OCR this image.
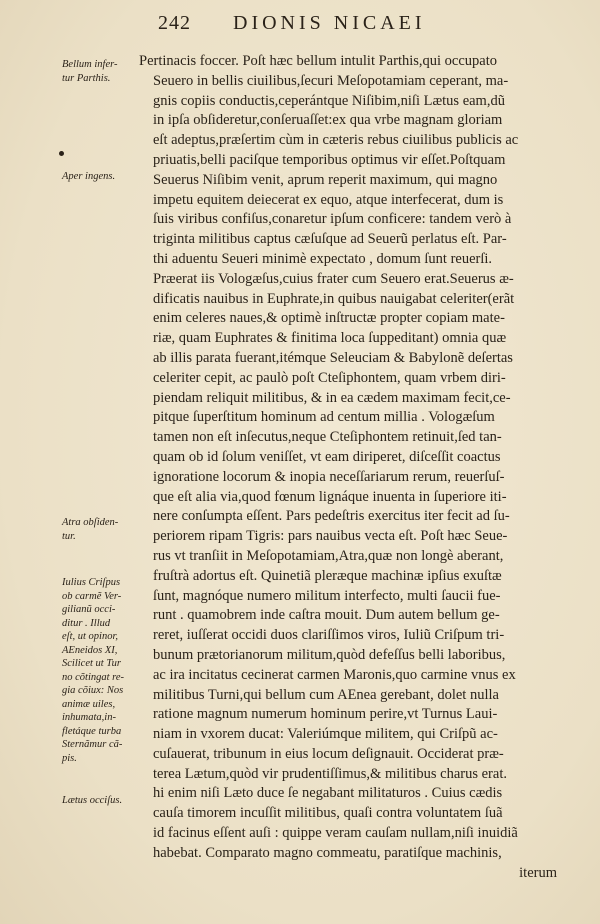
242 DIONIS NICAEI
Bellum infer-
tur Parthis.
Aper ingens.
Atra obſiden-
tur.
Iulius Criſpus
ob carmẽ Ver-
gilianũ occi-
ditur . Illud
eſt, ut opinor,
AEneidos XI,
Scilicet ut Tur
no cõtingat re-
gia cõiux: Nos
animæ uiles,
inhumata,in-
fletáque turba
Sternãmur cã-
pis.
Lætus occiſus.
Pertinacis foccer. Poſt hæc bellum intulit Parthis,qui occupato
Seuero in bellis ciuilibus,ſecuri Meſopotamiam ceperant, ma-
gnis copiis conductis,ceperántque Niſibim,niſi Lætus eam,dũ
in ipſa obſideretur,conſeruaſſet:ex qua vrbe magnam gloriam
eſt adeptus,præſertim cùm in cæteris rebus ciuilibus publicis ac
priuatis,belli paciſque temporibus optimus vir eſſet.Poſtquam
Seuerus Niſibim venit, aprum reperit maximum, qui magno
impetu equitem deiecerat ex equo, atque interfecerat, dum is
ſuis viribus confiſus,conaretur ipſum conficere: tandem verò à
triginta militibus captus cæſuſque ad Seuerũ perlatus eſt. Par-
thi aduentu Seueri minimè expectato , domum ſunt reuerſi.
Præerat iis Vologæſus,cuius frater cum Seuero erat.Seuerus æ-
dificatis nauibus in Euphrate,in quibus nauigabat celeriter(erãt
enim celeres naues,& optimè inſtructæ propter copiam mate-
riæ, quam Euphrates & finitima loca ſuppeditant) omnia quæ
ab illis parata fuerant,itémque Seleuciam & Babylonẽ deſertas
celeriter cepit, ac paulò poſt Cteſiphontem, quam vrbem diri-
piendam reliquit militibus, & in ea cædem maximam fecit,ce-
pitque ſuperſtitum hominum ad centum millia . Vologæſum
tamen non eſt inſecutus,neque Cteſiphontem retinuit,ſed tan-
quam ob id ſolum veniſſet, vt eam diriperet, diſceſſit coactus
ignoratione locorum & inopia neceſſariarum rerum, reuerſuſ-
que eſt alia via,quod fœnum lignáque inuenta in ſuperiore iti-
nere conſumpta eſſent. Pars pedeſtris exercitus iter fecit ad ſu-
periorem ripam Tigris: pars nauibus vecta eſt. Poſt hæc Seue-
rus vt tranſiit in Meſopotamiam,Atra,quæ non longè aberant,
fruſtrà adortus eſt. Quinetiã pleræque machinæ ipſius exuſtæ
ſunt, magnóque numero militum interfecto, multi ſaucii fue-
runt . quamobrem inde caſtra mouit. Dum autem bellum ge-
reret, iuſſerat occidi duos clariſſimos viros, Iuliũ Criſpum tri-
bunum prætorianorum militum,quòd defeſſus belli laboribus,
ac ira incitatus cecinerat carmen Maronis,quo carmine vnus ex
militibus Turni,qui bellum cum AEnea gerebant, dolet nulla
ratione magnum numerum hominum perire,vt Turnus Laui-
niam in vxorem ducat: Valeriúmque militem, qui Criſpũ ac-
cuſauerat, tribunum in eius locum deſignauit. Occiderat præ-
terea Lætum,quòd vir prudentiſſimus,& militibus charus erat.
hi enim niſi Læto duce ſe negabant militaturos . Cuius cædis
cauſa timorem incuſſit militibus, quaſi contra voluntatem ſuã
id facinus eſſent auſi : quippe veram cauſam nullam,niſi inuidiã
habebat. Comparato magno commeatu, paratiſque machinis,
iterum
